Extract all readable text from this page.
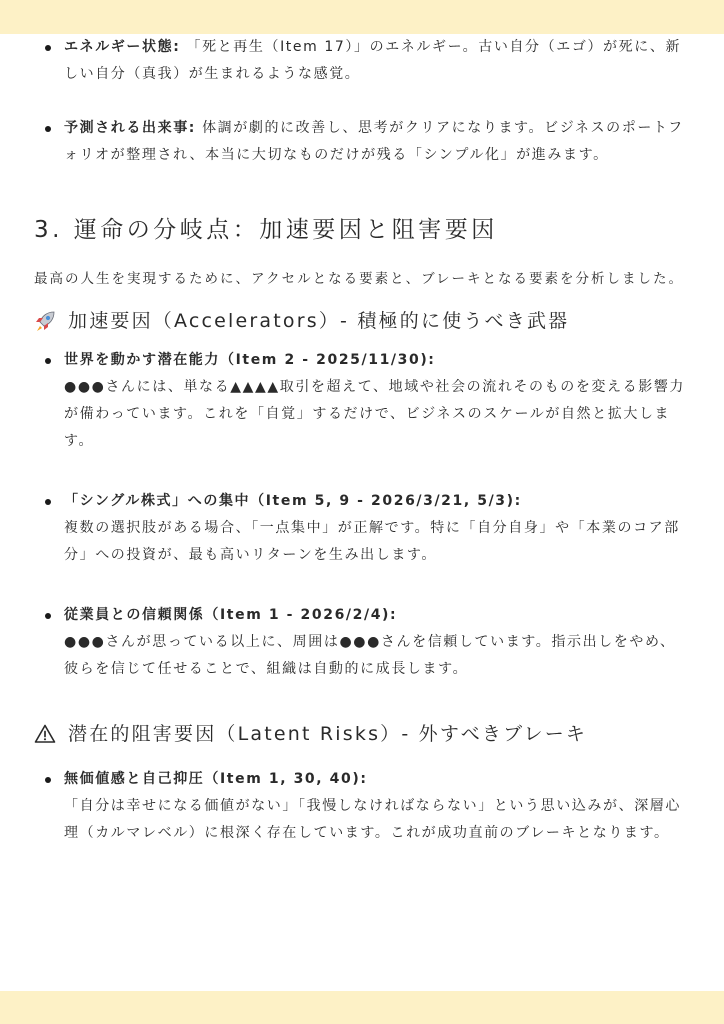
エネルギー状態: 「死と再生（Item 17）」のエネルギー。古い自分（エゴ）が死に、新しい自分（真我）が生まれるような感覚。
予測される出来事: 体調が劇的に改善し、思考がクリアになります。ビジネスのポートフォリオが整理され、本当に大切なものだけが残る「シンプル化」が進みます。
3. 運命の分岐点：加速要因と阻害要因

最高の人生を実現するために、アクセルとなる要素と、ブレーキとなる要素を分析しました。

加速要因（Accelerators）- 積極的に使うべき武器
世界を動かす潜在能力（Item 2 - 2025/11/30):
●●●さんには、単なる▲▲▲▲取引を超えて、地域や社会の流れそのものを変える影響力が備わっています。これを「自覚」するだけで、ビジネスのスケールが自然と拡大します。
「シングル株式」への集中（Item 5, 9 - 2026/3/21, 5/3):
複数の選択肢がある場合、「一点集中」が正解です。特に「自分自身」や「本業のコア部分」への投資が、最も高いリターンを生み出します。
従業員との信頼関係（Item 1 - 2026/2/4):
●●●さんが思っている以上に、周囲は●●●さんを信頼しています。指示出しをやめ、彼らを信じて任せることで、組織は自動的に成長します。
潜在的阻害要因（Latent Risks）- 外すべきブレーキ
無価値感と自己抑圧（Item 1, 30, 40):
「自分は幸せになる価値がない」「我慢しなければならない」という思い込みが、深層心理（カルマレベル）に根深く存在しています。これが成功直前のブレーキとなります。
